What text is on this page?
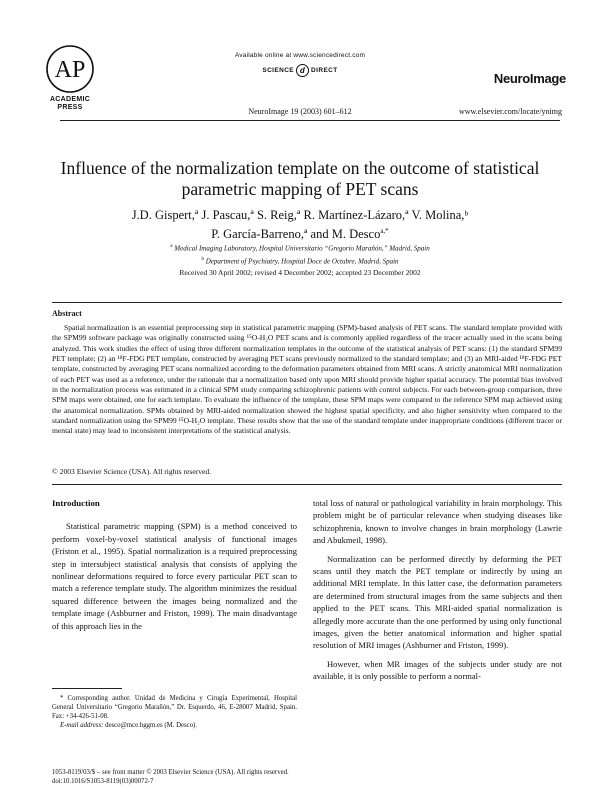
AP
ACADEMIC
PRESS
Available online at www.sciencedirect.com
SCIENCE d DIRECT
NeuroImage
NeuroImage 19 (2003) 601–612	www.elsevier.com/locate/ynimg
Influence of the normalization template on the outcome of statistical
parametric mapping of PET scans
J.D. Gispert,ª J. Pascau,ª S. Reig,ª R. Martínez-Lázaro,ª V. Molina,ᵇ
P. García-Barreno,ª and M. Desco$^{a,*}$
$^a$ Medical Imaging Laboratory, Hospital Universitario “Gregorio Marañón,” Madrid, Spain
$^b$ Department of Psychiatry, Hospital Doce de Octubre, Madrid, Spain
Received 30 April 2002; revised 4 December 2002; accepted 23 December 2002
Abstract
Spatial normalization is an essential preprocessing step in statistical parametric mapping (SPM)-based analysis of PET scans. The standard template provided with the SPM99 software package was originally constructed using ¹⁵O-H₂O PET scans and is commonly applied regardless of the tracer actually used in the scans being analyzed. This work studies the effect of using three different normalization templates in the outcome of the statistical analysis of PET scans: (1) the standard SPM99 PET template; (2) an ¹⁸F-FDG PET template, constructed by averaging PET scans previously normalized to the standard template; and (3) an MRI-aided ¹⁸F-FDG PET template, constructed by averaging PET scans normalized according to the deformation parameters obtained from MRI scans. A strictly anatomical MRI normalization of each PET was used as a reference, under the rationale that a normalization based only upon MRI should provide higher spatial accuracy. The potential bias involved in the normalization process was estimated in a clinical SPM study comparing schizophrenic patients with control subjects. For each between-group comparison, three SPM maps were obtained, one for each template. To evaluate the influence of the template, these SPM maps were compared to the reference SPM map achieved using the anatomical normalization. SPMs obtained by MRI-aided normalization showed the highest spatial specificity, and also higher sensitivity when compared to the standard normalization using the SPM99 ¹⁵O-H₂O template. These results show that the use of the standard template under inappropriate conditions (different tracer or mental state) may lead to inconsistent interpretations of the statistical analysis.
© 2003 Elsevier Science (USA). All rights reserved.
Introduction
Statistical parametric mapping (SPM) is a method conceived to perform voxel-by-voxel statistical analysis of functional images (Friston et al., 1995). Spatial normalization is a required preprocessing step in intersubject statistical analysis that consists of applying the nonlinear deformations required to force every particular PET scan to match a reference template study. The algorithm minimizes the residual squared difference between the images being normalized and the template image (Ashburner and Friston, 1999). The main disadvantage of this approach lies in the
total loss of natural or pathological variability in brain morphology. This problem might be of particular relevance when studying diseases like schizophrenia, known to involve changes in brain morphology (Lawrie and Abukmeil, 1998).
Normalization can be performed directly by deforming the PET scans until they match the PET template or indirectly by using an additional MRI template. In this latter case, the deformation parameters are determined from structural images from the same subjects and then applied to the PET scans. This MRI-aided spatial normalization is allegedly more accurate than the one performed by using only functional images, given the better anatomical information and higher spatial resolution of MRI images (Ashburner and Friston, 1999).
However, when MR images of the subjects under study are not available, it is only possible to perform a normal-
* Corresponding author. Unidad de Medicina y Cirugía Experimental, Hospital General Universitario “Gregorio Marañón,” Dr. Esquerdo, 46, E-28007 Madrid, Spain. Fax: +34-426-51-08.
E-mail address: desco@mce.hggm.es (M. Desco).
1053-8119/03/$ – see front matter © 2003 Elsevier Science (USA). All rights reserved.
doi:10.1016/S1053-8119(03)00072-7
